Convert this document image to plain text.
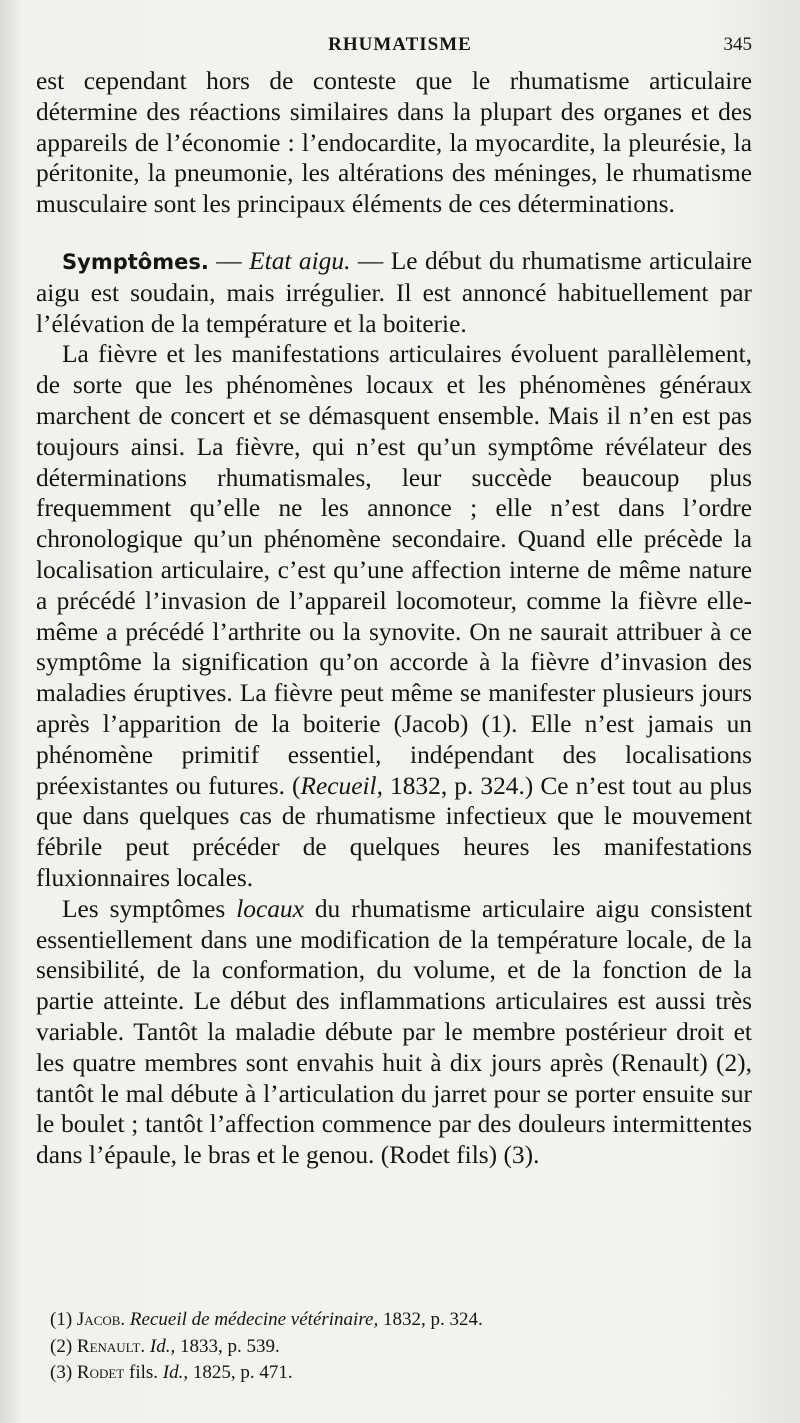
RHUMATISME	345

est cependant hors de conteste que le rhumatisme articulaire détermine des réactions similaires dans la plupart des organes et des appareils de l’économie : l’endocardite, la myocardite, la pleurésie, la péritonite, la pneumonie, les altérations des méninges, le rhumatisme musculaire sont les principaux éléments de ces déterminations.

Symptômes. — Etat aigu. — Le début du rhumatisme articulaire aigu est soudain, mais irrégulier. Il est annoncé habituellement par l’élévation de la température et la boiterie.

La fièvre et les manifestations articulaires évoluent parallèlement, de sorte que les phénomènes locaux et les phénomènes généraux marchent de concert et se démasquent ensemble. Mais il n’en est pas toujours ainsi. La fièvre, qui n’est qu’un symptôme révélateur des déterminations rhumatismales, leur succède beaucoup plus frequemment qu’elle ne les annonce ; elle n’est dans l’ordre chronologique qu’un phénomène secondaire. Quand elle précède la localisation articulaire, c’est qu’une affection interne de même nature a précédé l’invasion de l’appareil locomoteur, comme la fièvre elle-même a précédé l’arthrite ou la synovite. On ne saurait attribuer à ce symptôme la signification qu’on accorde à la fièvre d’invasion des maladies éruptives. La fièvre peut même se manifester plusieurs jours après l’apparition de la boiterie (Jacob) (1). Elle n’est jamais un phénomène primitif essentiel, indépendant des localisations préexistantes ou futures. (Recueil, 1832, p. 324.) Ce n’est tout au plus que dans quelques cas de rhumatisme infectieux que le mouvement fébrile peut précéder de quelques heures les manifestations fluxionnaires locales.

Les symptômes locaux du rhumatisme articulaire aigu consistent essentiellement dans une modification de la température locale, de la sensibilité, de la conformation, du volume, et de la fonction de la partie atteinte. Le début des inflammations articulaires est aussi très variable. Tantôt la maladie débute par le membre postérieur droit et les quatre membres sont envahis huit à dix jours après (Renault) (2), tantôt le mal débute à l’articulation du jarret pour se porter ensuite sur le boulet ; tantôt l’affection commence par des douleurs intermittentes dans l’épaule, le bras et le genou. (Rodet fils) (3).

(1) Jacob. Recueil de médecine vétérinaire, 1832, p. 324.

(2) Renault. Id., 1833, p. 539.

(3) Rodet fils. Id., 1825, p. 471.
